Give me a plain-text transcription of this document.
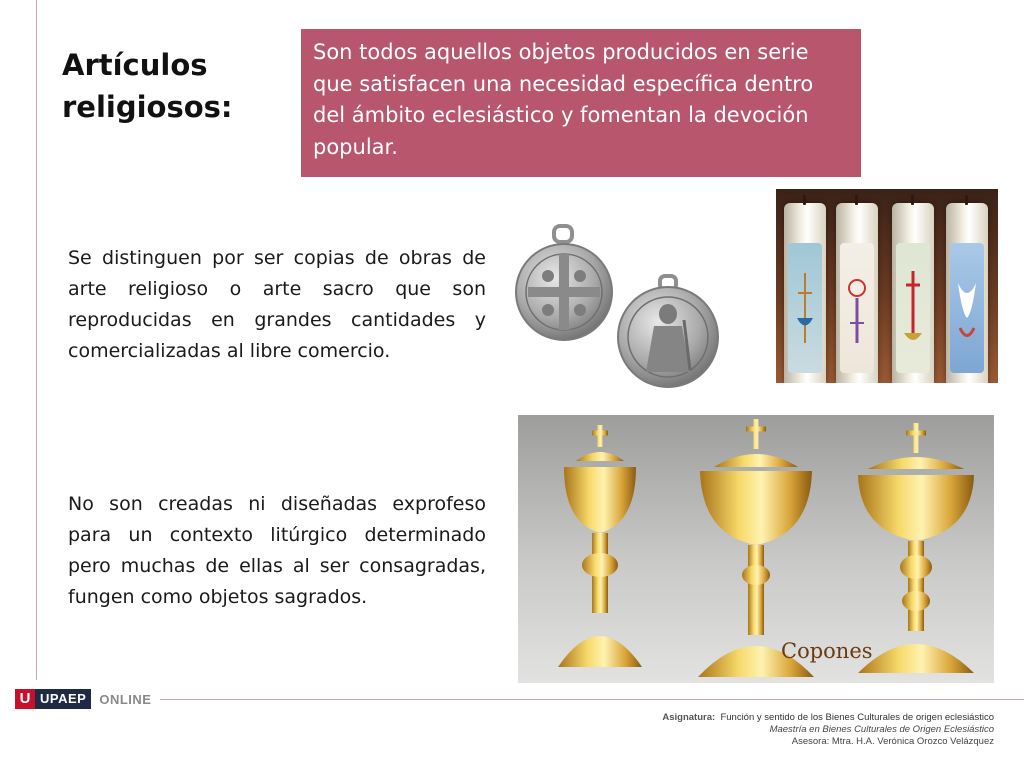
Artículos religiosos:
Son todos aquellos objetos producidos en serie que satisfacen una necesidad específica dentro del ámbito eclesiástico y fomentan la devoción popular.
Se distinguen por ser copias de obras de arte religioso o arte sacro que son reproducidas en grandes cantidades y comercializadas al libre comercio.
No son creadas ni diseñadas exprofeso para un contexto litúrgico determinado pero muchas de ellas al ser consagradas, fungen como objetos sagrados.
Copones
U UPAEP	ONLINE
Asignatura: Función y sentido de los Bienes Culturales de origen eclesiástico
Maestría en Bienes Culturales de Origen Eclesiástico
Asesora: Mtra. H.A. Verónica Orozco Velázquez
